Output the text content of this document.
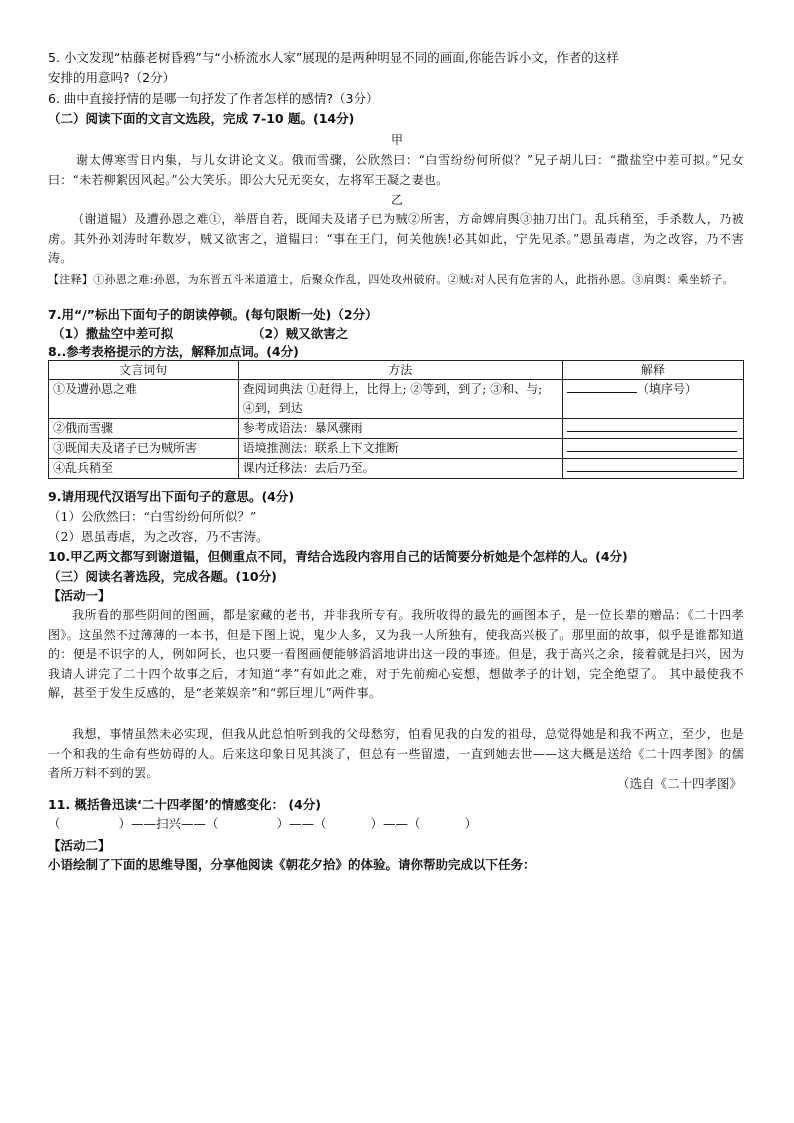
5. 小文发现“枯藤老树昏鸦”与“小桥流水人家”展现的是两种明显不同的画面,你能告诉小文，作者的这样
安排的用意吗?（2分）
6. 曲中直接抒情的是哪一句抒发了作者怎样的感情?（3分）
（二）阅读下面的文言文选段，完成 7-10 题。(14分)
甲
谢太傅寒雪日内集，与儿女讲论文义。俄而雪骤，公欣然曰：“白雪纷纷何所似？”兄子胡儿曰：“撒盐空中差可拟。”兄女曰：“未若柳絮因风起。”公大笑乐。即公大兄无奕女，左将军王凝之妻也。
乙
（谢道韫）及遭孙恩之难①，举厝自若，既闻夫及诸子已为贼②所害，方命婢肩舆③抽刀出门。乱兵稍至，手杀数人，乃被虏。其外孙刘涛时年数岁，贼又欲害之，道韫曰：“事在王门，何关他族!必其如此，宁先见杀。”恩虽毒虐，为之改容，乃不害涛。
【注释】①孙恩之难:孙恩，为东晋五斗米道道士，后聚众作乱，四处攻州破府。②贼:对人民有危害的人，此指孙恩。③肩舆：乘坐轿子。
7.用“/”标出下面句子的朗读停顿。(每句限断一处)（2分）
（1）撒盐空中差可拟	（2）贼又欲害之
8..参考表格提示的方法，解释加点词。(4分)
文言词句	方法	解释
①及遭孙恩之难	查阅词典法 ①赶得上，比得上; ②等到，到了; ③和、与; ④到，到达	（填序号）
②俄而雪骤	参考成语法：暴风骤雨	
③既闻夫及诸子已为贼所害	语境推测法：联系上下文推断	
④乱兵稍至	课内迁移法：去后乃至。	
9.请用现代汉语写出下面句子的意思。(4分)
（1）公欣然曰：“白雪纷纷何所似？”
（2）恩虽毒虐，为之改容，乃不害涛。
10.甲乙两文都写到谢道韫，但侧重点不同，青结合选段内容用自己的话简要分析她是个怎样的人。(4分)
（三）阅读名著选段，完成各题。(10分)
【活动一】
我所看的那些阴间的图画，都是家藏的老书，并非我所专有。我所收得的最先的画图本子，是一位长辈的赠品：《二十四孝图》。这虽然不过薄薄的一本书，但是下图上说，鬼少人多，又为我一人所独有，使我高兴极了。那里面的故事，似乎是谁都知道的：便是不识字的人，例如阿长，也只要一看图画便能够滔滔地讲出这一段的事迹。但是，我于高兴之余，接着就是扫兴，因为我请人讲完了二十四个故事之后，才知道“孝”有如此之难，对于先前痴心妄想，想做孝子的计划，完全绝望了。 其中最使我不解，甚至于发生反感的，是“老莱娱亲”和“郭巨埋儿”两件事。
我想，事情虽然未必实现，但我从此总怕听到我的父母愁穷，怕看见我的白发的祖母，总觉得她是和我不两立，至少，也是一个和我的生命有些妨碍的人。后来这印象日见其淡了，但总有一些留遗，一直到她去世——这大概是送给《二十四孝图》的儒者所万料不到的罢。
（选自《二十四孝图》
11. 概括鲁迅读‘二十四孝图’的情感变化： (4分)
（	）——扫兴——（	）——（	）——（	）
【活动二】
小语绘制了下面的思维导图，分享他阅读《朝花夕拾》的体验。请你帮助完成以下任务：
